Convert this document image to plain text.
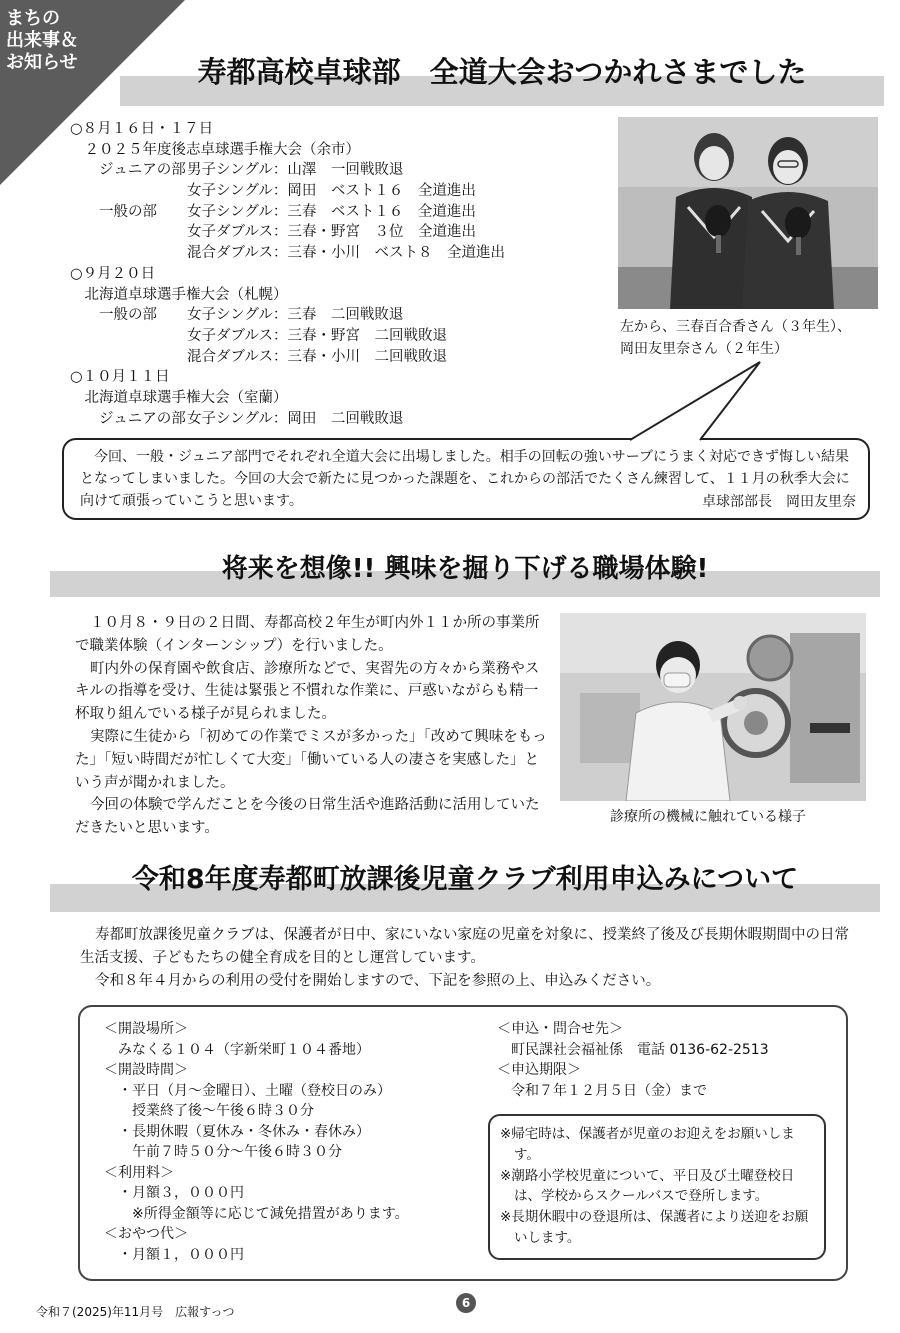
まちの
出来事＆
お知らせ	寿都高校卓球部　全道大会おつかれさまでした
○８月１６日・１７日
　２０２５年度後志卓球選手権大会（余市）
　　ジュニアの部男子シングル：山澤　一回戦敗退
女子シングル：岡田　ベスト１６　全道進出
　　一般の部 女子シングル：三春　ベスト１６　全道進出
女子ダブルス：三春・野宮　３位　全道進出
混合ダブルス：三春・小川　ベスト８　全道進出
○９月２０日
　北海道卓球選手権大会（札幌）
　　一般の部 女子シングル：三春　二回戦敗退
女子ダブルス：三春・野宮　二回戦敗退
混合ダブルス：三春・小川　二回戦敗退
○１０月１１日
　北海道卓球選手権大会（室蘭）
　　ジュニアの部女子シングル：岡田　二回戦敗退
左から、三春百合香さん（３年生）、
岡田友里奈さん（２年生）
今回、一般・ジュニア部門でそれぞれ全道大会に出場しました。相手の回転の強いサーブにうまく対応できず悔しい結果となってしまいました。今回の大会で新たに見つかった課題を、これからの部活でたくさん練習して、１１月の秋季大会に向けて頑張っていこうと思います。	卓球部部長　岡田友里奈
将来を想像!! 興味を掘り下げる職場体験!

１０月８・９日の２日間、寿都高校２年生が町内外１１か所の事業所で職業体験（インターンシップ）を行いました。

町内外の保育園や飲食店、診療所などで、実習先の方々から業務やスキルの指導を受け、生徒は緊張と不慣れな作業に、戸惑いながらも精一杯取り組んでいる様子が見られました。

実際に生徒から「初めての作業でミスが多かった」「改めて興味をもった」「短い時間だが忙しくて大変」「働いている人の凄さを実感した」という声が聞かれました。

今回の体験で学んだことを今後の日常生活や進路活動に活用していただきたいと思います。

診療所の機械に触れている様子
令和8年度寿都町放課後児童クラブ利用申込みについて

寿都町放課後児童クラブは、保護者が日中、家にいない家庭の児童を対象に、授業終了後及び長期休暇期間中の日常生活支援、子どもたちの健全育成を目的とし運営しています。

令和８年４月からの利用の受付を開始しますので、下記を参照の上、申込みください。

＜開設場所＞
　みなくる１０４（字新栄町１０４番地）
＜開設時間＞
　・平日（月～金曜日）、土曜（登校日のみ）
　　授業終了後～午後６時３０分
　・長期休暇（夏休み・冬休み・春休み）
　　午前７時５０分～午後６時３０分
＜利用料＞
　・月額３，０００円
　　※所得金額等に応じて減免措置があります。
＜おやつ代＞
　・月額１，０００円
＜申込・問合せ先＞
　町民課社会福祉係　電話 0136-62-2513
＜申込期限＞
　令和７年１２月５日（金）まで
※帰宅時は、保護者が児童のお迎えをお願いします。
※潮路小学校児童について、平日及び土曜登校日は、学校からスクールバスで登所します。
※長期休暇中の登退所は、保護者により送迎をお願いします。
6
令和７(2025)年11月号　広報すっつ
